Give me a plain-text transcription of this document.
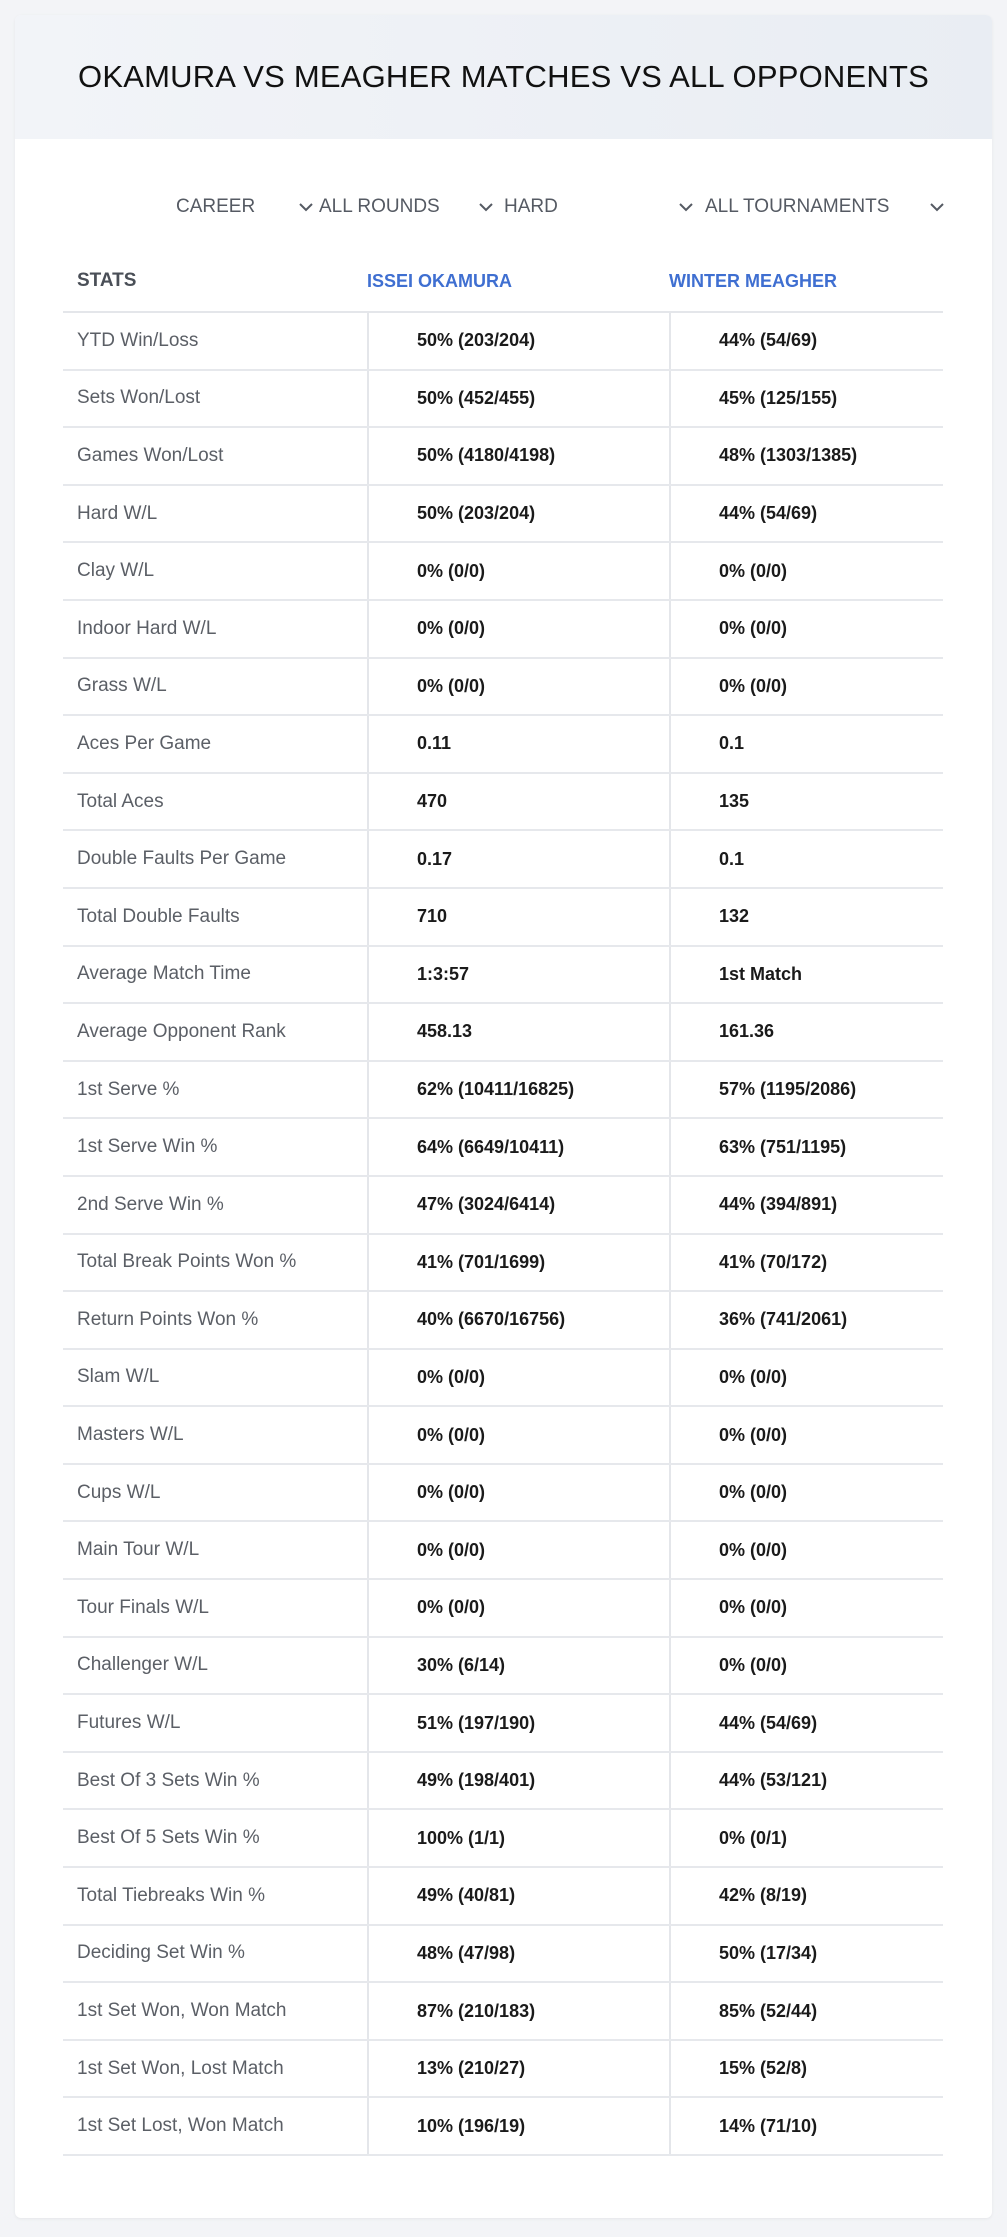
OKAMURA VS MEAGHER MATCHES VS ALL OPPONENTS
CAREER	ALL ROUNDS	HARD	ALL TOURNAMENTS
STATS	ISSEI OKAMURA	WINTER MEAGHER
YTD Win/Loss	50% (203/204)	44% (54/69)
Sets Won/Lost	50% (452/455)	45% (125/155)
Games Won/Lost	50% (4180/4198)	48% (1303/1385)
Hard W/L	50% (203/204)	44% (54/69)
Clay W/L	0% (0/0)	0% (0/0)
Indoor Hard W/L	0% (0/0)	0% (0/0)
Grass W/L	0% (0/0)	0% (0/0)
Aces Per Game	0.11	0.1
Total Aces	470	135
Double Faults Per Game	0.17	0.1
Total Double Faults	710	132
Average Match Time	1:3:57	1st Match
Average Opponent Rank	458.13	161.36
1st Serve %	62% (10411/16825)	57% (1195/2086)
1st Serve Win %	64% (6649/10411)	63% (751/1195)
2nd Serve Win %	47% (3024/6414)	44% (394/891)
Total Break Points Won %	41% (701/1699)	41% (70/172)
Return Points Won %	40% (6670/16756)	36% (741/2061)
Slam W/L	0% (0/0)	0% (0/0)
Masters W/L	0% (0/0)	0% (0/0)
Cups W/L	0% (0/0)	0% (0/0)
Main Tour W/L	0% (0/0)	0% (0/0)
Tour Finals W/L	0% (0/0)	0% (0/0)
Challenger W/L	30% (6/14)	0% (0/0)
Futures W/L	51% (197/190)	44% (54/69)
Best Of 3 Sets Win %	49% (198/401)	44% (53/121)
Best Of 5 Sets Win %	100% (1/1)	0% (0/1)
Total Tiebreaks Win %	49% (40/81)	42% (8/19)
Deciding Set Win %	48% (47/98)	50% (17/34)
1st Set Won, Won Match	87% (210/183)	85% (52/44)
1st Set Won, Lost Match	13% (210/27)	15% (52/8)
1st Set Lost, Won Match	10% (196/19)	14% (71/10)
